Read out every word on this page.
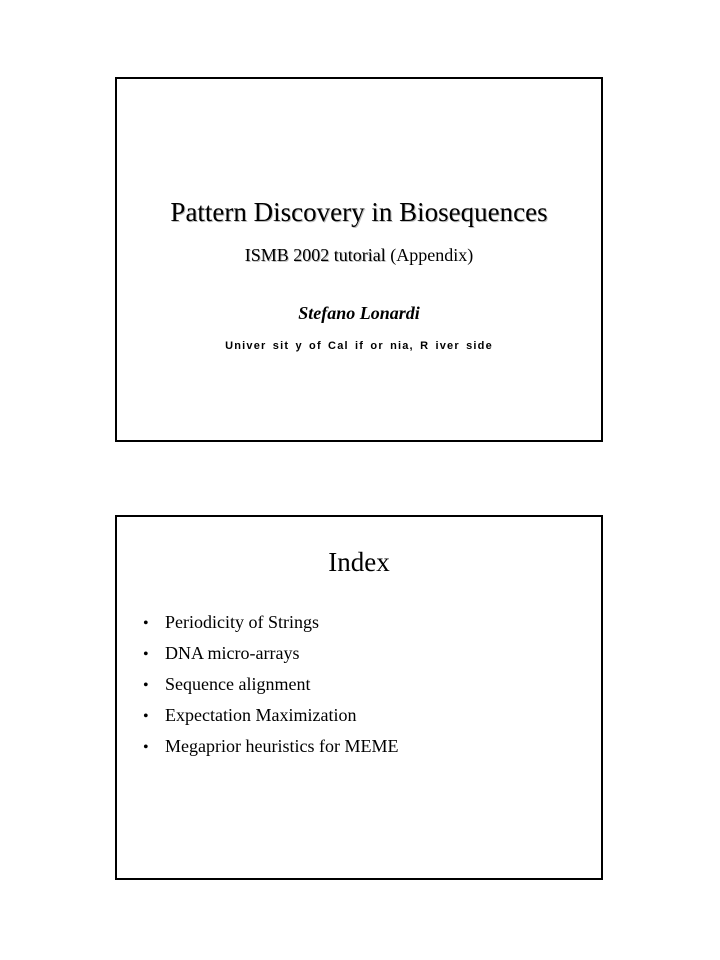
Pattern Discovery in Biosequences
ISMB 2002 tutorial (Appendix)
Stefano Lonardi
Univer sit y of Cal if or nia, R iver side
Index
• Periodicity of Strings
• DNA micro-arrays
• Sequence alignment
• Expectation Maximization
• Megaprior heuristics for MEME
